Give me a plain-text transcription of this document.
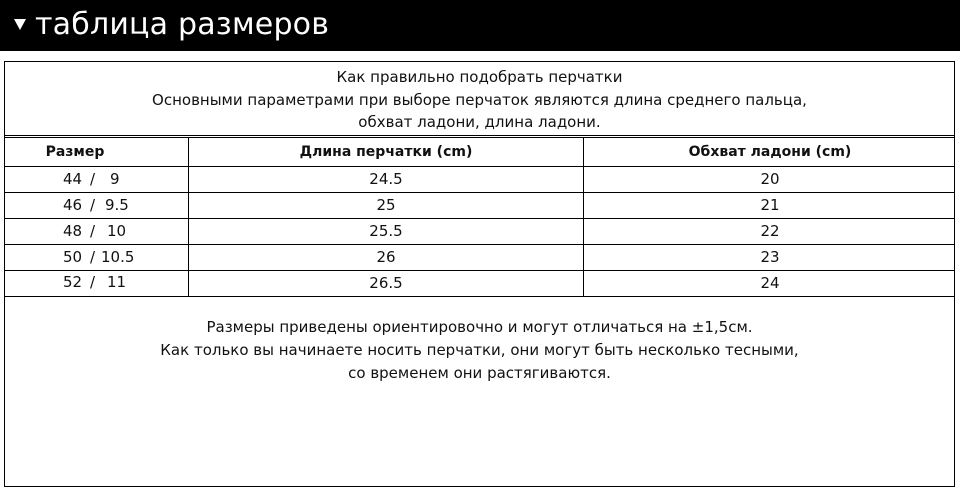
таблица размеров
Как правильно подобрать перчатки
Основными параметрами при выборе перчаток являются длина среднего пальца,
обхват ладони, длина ладони.
Размер	Длина перчатки (cm)	Обхват ладони (cm)
44 / 9	24.5	20
46 / 9.5	25	21
48 / 10	25.5	22
50 / 10.5	26	23
52 / 11	26.5	24
Размеры приведены ориентировочно и могут отличаться на ±1,5см.
Как только вы начинаете носить перчатки, они могут быть несколько тесными,
со временем они растягиваются.
